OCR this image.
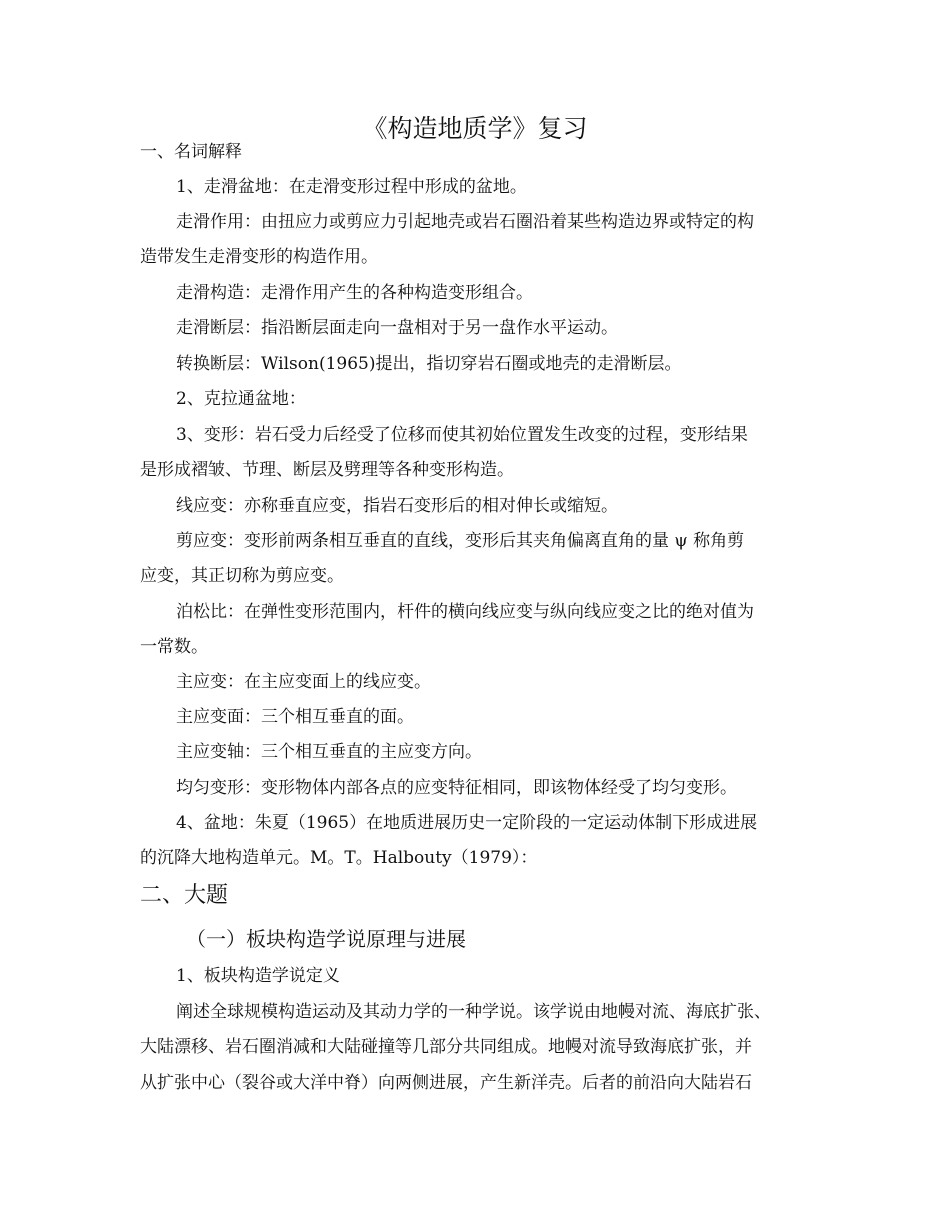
《构造地质学》复习
一、名词解释
1、走滑盆地：在走滑变形过程中形成的盆地。
走滑作用：由扭应力或剪应力引起地壳或岩石圈沿着某些构造边界或特定的构
造带发生走滑变形的构造作用。
走滑构造：走滑作用产生的各种构造变形组合。
走滑断层：指沿断层面走向一盘相对于另一盘作水平运动。
转换断层：Wilson(1965)提出，指切穿岩石圈或地壳的走滑断层。
2、克拉通盆地：
3、变形：岩石受力后经受了位移而使其初始位置发生改变的过程，变形结果
是形成褶皱、节理、断层及劈理等各种变形构造。
线应变：亦称垂直应变，指岩石变形后的相对伸长或缩短。
剪应变：变形前两条相互垂直的直线，变形后其夹角偏离直角的量 ψ 称角剪
应变，其正切称为剪应变。
泊松比：在弹性变形范围内，杆件的横向线应变与纵向线应变之比的绝对值为
一常数。
主应变：在主应变面上的线应变。
主应变面：三个相互垂直的面。
主应变轴：三个相互垂直的主应变方向。
均匀变形：变形物体内部各点的应变特征相同，即该物体经受了均匀变形。
4、盆地：朱夏（1965）在地质进展历史一定阶段的一定运动体制下形成进展
的沉降大地构造单元。M。T。Halbouty（1979）：
二、大题
（一）板块构造学说原理与进展
1、板块构造学说定义
阐述全球规模构造运动及其动力学的一种学说。该学说由地幔对流、海底扩张、
大陆漂移、岩石圈消减和大陆碰撞等几部分共同组成。地幔对流导致海底扩张，并
从扩张中心（裂谷或大洋中脊）向两侧进展，产生新洋壳。后者的前沿向大陆岩石
